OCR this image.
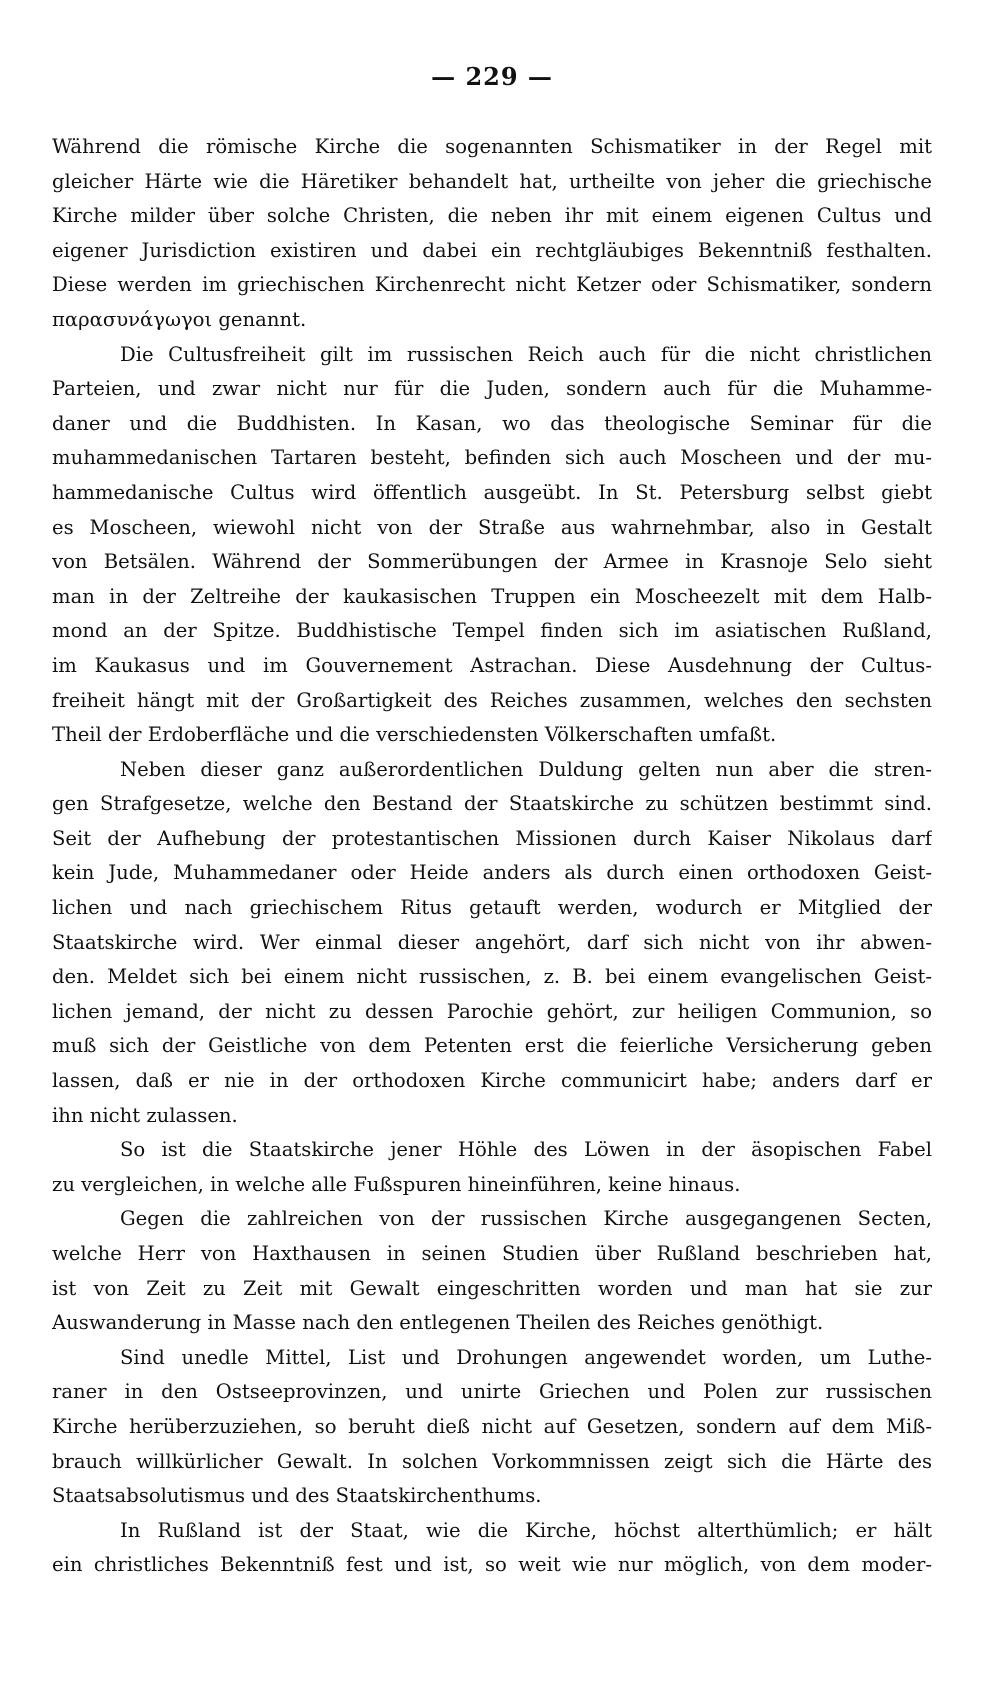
— 229 —
Während die römische Kirche die sogenannten Schismatiker in der Regel mit
gleicher Härte wie die Häretiker behandelt hat, urtheilte von jeher die griechische
Kirche milder über solche Christen, die neben ihr mit einem eigenen Cultus und
eigener Jurisdiction existiren und dabei ein rechtgläubiges Bekenntniß festhalten.
Diese werden im griechischen Kirchenrecht nicht Ketzer oder Schismatiker, sondern
παρασυνάγωγοι genannt.
Die Cultusfreiheit gilt im russischen Reich auch für die nicht christlichen
Parteien, und zwar nicht nur für die Juden, sondern auch für die Muhamme-
daner und die Buddhisten. In Kasan, wo das theologische Seminar für die
muhammedanischen Tartaren besteht, befinden sich auch Moscheen und der mu-
hammedanische Cultus wird öffentlich ausgeübt. In St. Petersburg selbst giebt
es Moscheen, wiewohl nicht von der Straße aus wahrnehmbar, also in Gestalt
von Betsälen. Während der Sommerübungen der Armee in Krasnoje Selo sieht
man in der Zeltreihe der kaukasischen Truppen ein Moscheezelt mit dem Halb-
mond an der Spitze. Buddhistische Tempel finden sich im asiatischen Rußland,
im Kaukasus und im Gouvernement Astrachan. Diese Ausdehnung der Cultus-
freiheit hängt mit der Großartigkeit des Reiches zusammen, welches den sechsten
Theil der Erdoberfläche und die verschiedensten Völkerschaften umfaßt.
Neben dieser ganz außerordentlichen Duldung gelten nun aber die stren-
gen Strafgesetze, welche den Bestand der Staatskirche zu schützen bestimmt sind.
Seit der Aufhebung der protestantischen Missionen durch Kaiser Nikolaus darf
kein Jude, Muhammedaner oder Heide anders als durch einen orthodoxen Geist-
lichen und nach griechischem Ritus getauft werden, wodurch er Mitglied der
Staatskirche wird. Wer einmal dieser angehört, darf sich nicht von ihr abwen-
den. Meldet sich bei einem nicht russischen, z. B. bei einem evangelischen Geist-
lichen jemand, der nicht zu dessen Parochie gehört, zur heiligen Communion, so
muß sich der Geistliche von dem Petenten erst die feierliche Versicherung geben
lassen, daß er nie in der orthodoxen Kirche communicirt habe; anders darf er
ihn nicht zulassen.
So ist die Staatskirche jener Höhle des Löwen in der äsopischen Fabel
zu vergleichen, in welche alle Fußspuren hineinführen, keine hinaus.
Gegen die zahlreichen von der russischen Kirche ausgegangenen Secten,
welche Herr von Haxthausen in seinen Studien über Rußland beschrieben hat,
ist von Zeit zu Zeit mit Gewalt eingeschritten worden und man hat sie zur
Auswanderung in Masse nach den entlegenen Theilen des Reiches genöthigt.
Sind unedle Mittel, List und Drohungen angewendet worden, um Luthe-
raner in den Ostseeprovinzen, und unirte Griechen und Polen zur russischen
Kirche herüberzuziehen, so beruht dieß nicht auf Gesetzen, sondern auf dem Miß-
brauch willkürlicher Gewalt. In solchen Vorkommnissen zeigt sich die Härte des
Staatsabsolutismus und des Staatskirchenthums.
In Rußland ist der Staat, wie die Kirche, höchst alterthümlich; er hält
ein christliches Bekenntniß fest und ist, so weit wie nur möglich, von dem moder-
